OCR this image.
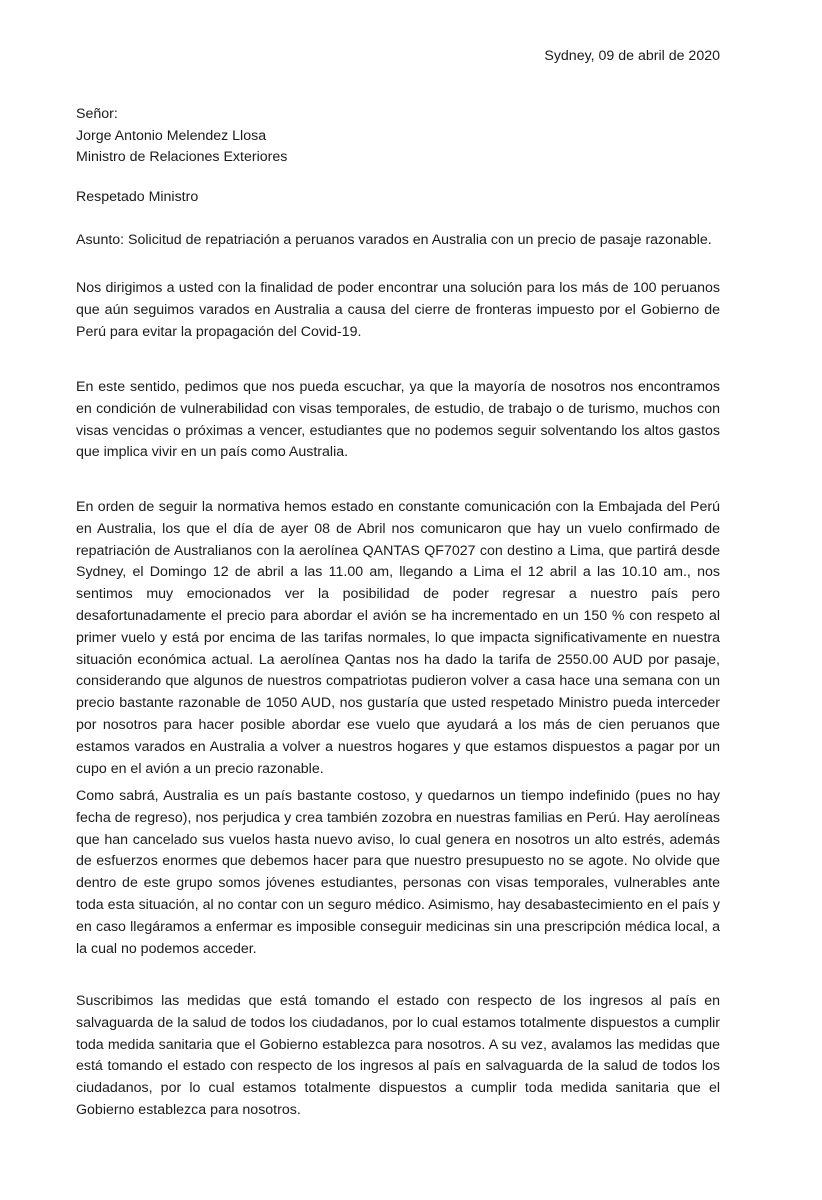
Sydney, 09 de abril de 2020
Señor:
Jorge Antonio Melendez Llosa
Ministro de Relaciones Exteriores
Respetado Ministro
Asunto: Solicitud de repatriación a peruanos varados en Australia con un precio de pasaje razonable.

Nos dirigimos a usted con la finalidad de poder encontrar una solución para los más de 100 peruanos que aún seguimos varados en Australia a causa del cierre de fronteras impuesto por el Gobierno de Perú para evitar la propagación del Covid-19.

En este sentido, pedimos que nos pueda escuchar, ya que la mayoría de nosotros nos encontramos en condición de vulnerabilidad con visas temporales, de estudio, de trabajo o de turismo, muchos con visas vencidas o próximas a vencer, estudiantes que no podemos seguir solventando los altos gastos que implica vivir en un país como Australia.

En orden de seguir la normativa hemos estado en constante comunicación con la Embajada del Perú en Australia, los que el día de ayer 08 de Abril nos comunicaron que hay un vuelo confirmado de repatriación de Australianos con la aerolínea QANTAS QF7027 con destino a Lima, que partirá desde Sydney, el Domingo 12 de abril a las 11.00 am, llegando a Lima el 12 abril a las 10.10 am., nos sentimos muy emocionados ver la posibilidad de poder regresar a nuestro país pero desafortunadamente el precio para abordar el avión se ha incrementado en un 150 % con respeto al primer vuelo y está por encima de las tarifas normales, lo que impacta significativamente en nuestra situación económica actual. La aerolínea Qantas nos ha dado la tarifa de 2550.00 AUD por pasaje, considerando que algunos de nuestros compatriotas pudieron volver a casa hace una semana con un precio bastante razonable de 1050 AUD, nos gustaría que usted respetado Ministro pueda interceder por nosotros para hacer posible abordar ese vuelo que ayudará a los más de cien peruanos que estamos varados en Australia a volver a nuestros hogares y que estamos dispuestos a pagar por un cupo en el avión a un precio razonable.

Como sabrá, Australia es un país bastante costoso, y quedarnos un tiempo indefinido (pues no hay fecha de regreso), nos perjudica y crea también zozobra en nuestras familias en Perú. Hay aerolíneas que han cancelado sus vuelos hasta nuevo aviso, lo cual genera en nosotros un alto estrés, además de esfuerzos enormes que debemos hacer para que nuestro presupuesto no se agote. No olvide que dentro de este grupo somos jóvenes estudiantes, personas con visas temporales, vulnerables ante toda esta situación, al no contar con un seguro médico. Asimismo, hay desabastecimiento en el país y en caso llegáramos a enfermar es imposible conseguir medicinas sin una prescripción médica local, a la cual no podemos acceder.

Suscribimos las medidas que está tomando el estado con respecto de los ingresos al país en salvaguarda de la salud de todos los ciudadanos, por lo cual estamos totalmente dispuestos a cumplir toda medida sanitaria que el Gobierno establezca para nosotros. A su vez, avalamos las medidas que está tomando el estado con respecto de los ingresos al país en salvaguarda de la salud de todos los ciudadanos, por lo cual estamos totalmente dispuestos a cumplir toda medida sanitaria que el Gobierno establezca para nosotros.
